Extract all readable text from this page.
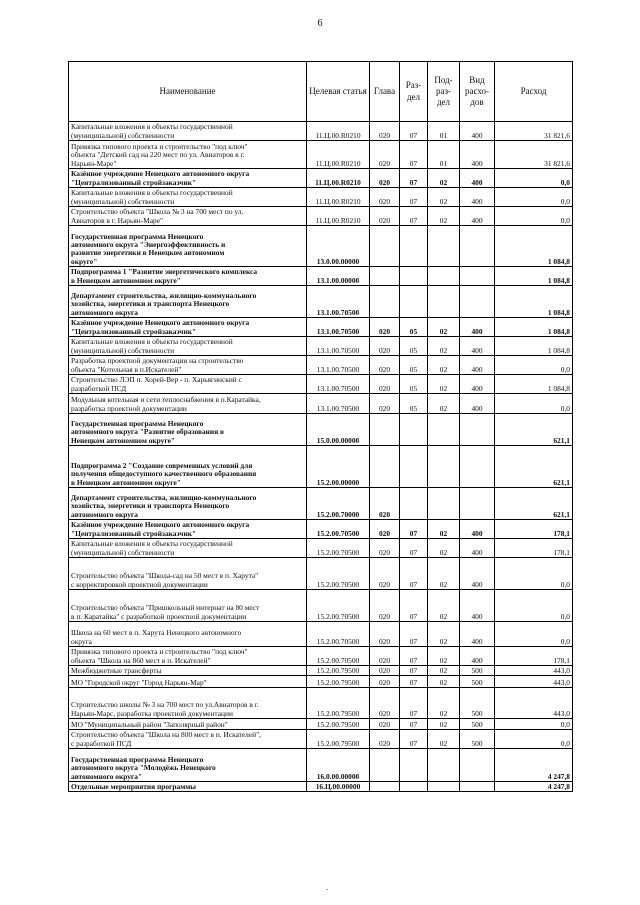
6
Наименование	Целевая статья	Глава	Раз- дел	Под- раз- дел	Вид расхо- дов	Расход
Капитальные вложения в объекты государственной
(муниципальной) собственности	11.Ц.00.R0210	020	07	01	400	31 821,6
Привязка типового проекта и строительство "под ключ"
объекта "Детский сад на 220 мест по ул. Авиаторов в г.
Нарьян-Маре"	11.Ц.00.R0210	020	07	01	400	31 821,6
Казённое учреждение Ненецкого автономного округа
"Централизованный стройзаказчик"	11.Ц.00.R0210	020	07	02	400	0,0
Капитальные вложения в объекты государственной
(муниципальной) собственности	11.Ц.00.R0210	020	07	02	400	0,0
Строительство объекта "Школа № 3 на 700 мест по ул.
Авиаторов в г. Нарьян-Маре"	11.Ц.00.R0210	020	07	02	400	0,0
Государственная программа Ненецкого
автономного округа "Энергоэффективность и
развитие энергетики в Ненецком автономном
округе"	13.0.00.00000					1 084,8
Подпрограмма 1 "Развитие энергетического комплекса
в Ненецком автономном округе"	13.1.00.00000					1 084,8
Департамент строительства, жилищно-коммунального
хозяйства, энергетики и транспорта Ненецкого
автономного округа	13.1.00.70500					1 084,8
Казённое учреждение Ненецкого автономного округа
"Централизованный стройзаказчик"	13.1.00.70500	020	05	02	400	1 084,8
Капитальные вложения в объекты государственной
(муниципальной) собственности	13.1.00.70500	020	05	02	400	1 084,8
Разработка проектной документации на строительство
объекта "Котельная в п.Искателей"	13.1.00.70500	020	05	02	400	0,0
Строительство ЛЭП п. Хорей-Вер - п. Харьягинский с
разработкой ПСД	13.1.00.70500	020	05	02	400	1 084,8
Модульная котельная и сети теплоснабжения в п.Каратайка,
разработка проектной документации	13.1.00.70500	020	05	02	400	0,0
Государственная программа Ненецкого
автономного округа "Развитие образования в
Ненецком автономном округе"	15.0.00.00000					621,1
Подпрограмма 2 "Создание современных условий для
получения общедоступного качественного образования
в Ненецком автономном округе"	15.2.00.00000					621,1
Департамент строительства, жилищно-коммунального
хозяйства, энергетики и транспорта Ненецкого
автономного округа	15.2.00.70000	020				621,1
Казённое учреждение Ненецкого автономного округа
"Централизованный стройзаказчик"	15.2.00.70500	020	07	02	400	178,1
Капитальные вложения в объекты государственной
(муниципальной) собственности	15.2.00.70500	020	07	02	400	178,1
Строительство объекта "Школа-сад на 50 мест в п. Харута"
с корректировкой проектной документации	15.2.00.70500	020	07	02	400	0,0
Строительство объекта "Пришкольный интернат на 80 мест
в п. Каратайка" с разработкой проектной документации	15.2.00.70500	020	07	02	400	0,0
Школа на 60 мест в п. Харута Ненецкого автономного
округа	15.2.00.70500	020	07	02	400	0,0
Привязка типового проекта и строительство "под ключ"
объекта "Школа на 860 мест в п. Искателей"	15.2.00.70500	020	07	02	400	178,1
Межбюджетные трансферты	15.2.00.79500	020	07	02	500	443,0
МО "Городской округ "Город Нарьян-Мар"	15.2.00.79500	020	07	02	500	443,0
Строительство школы № 3 на 700 мест по ул.Авиаторов в г.
Нарьян-Марс, разработка проектной документации	15.2.00.79500	020	07	02	500	443,0
МО "Муниципальный район "Заполярный район"	15.2.00.79500	020	07	02	500	0,0
Строительство объекта "Школа на 800 мест в п. Искателей",
с разработкой ПСД	15.2.00.79500	020	07	02	500	0,0
Государственная программа Ненецкого
автономного округа "Молодёжь Ненецкого
автономного округа"	16.0.00.00000					4 247,8
Отдельные мероприятия программы	16.Ц.00.00000					4 247,8
.
